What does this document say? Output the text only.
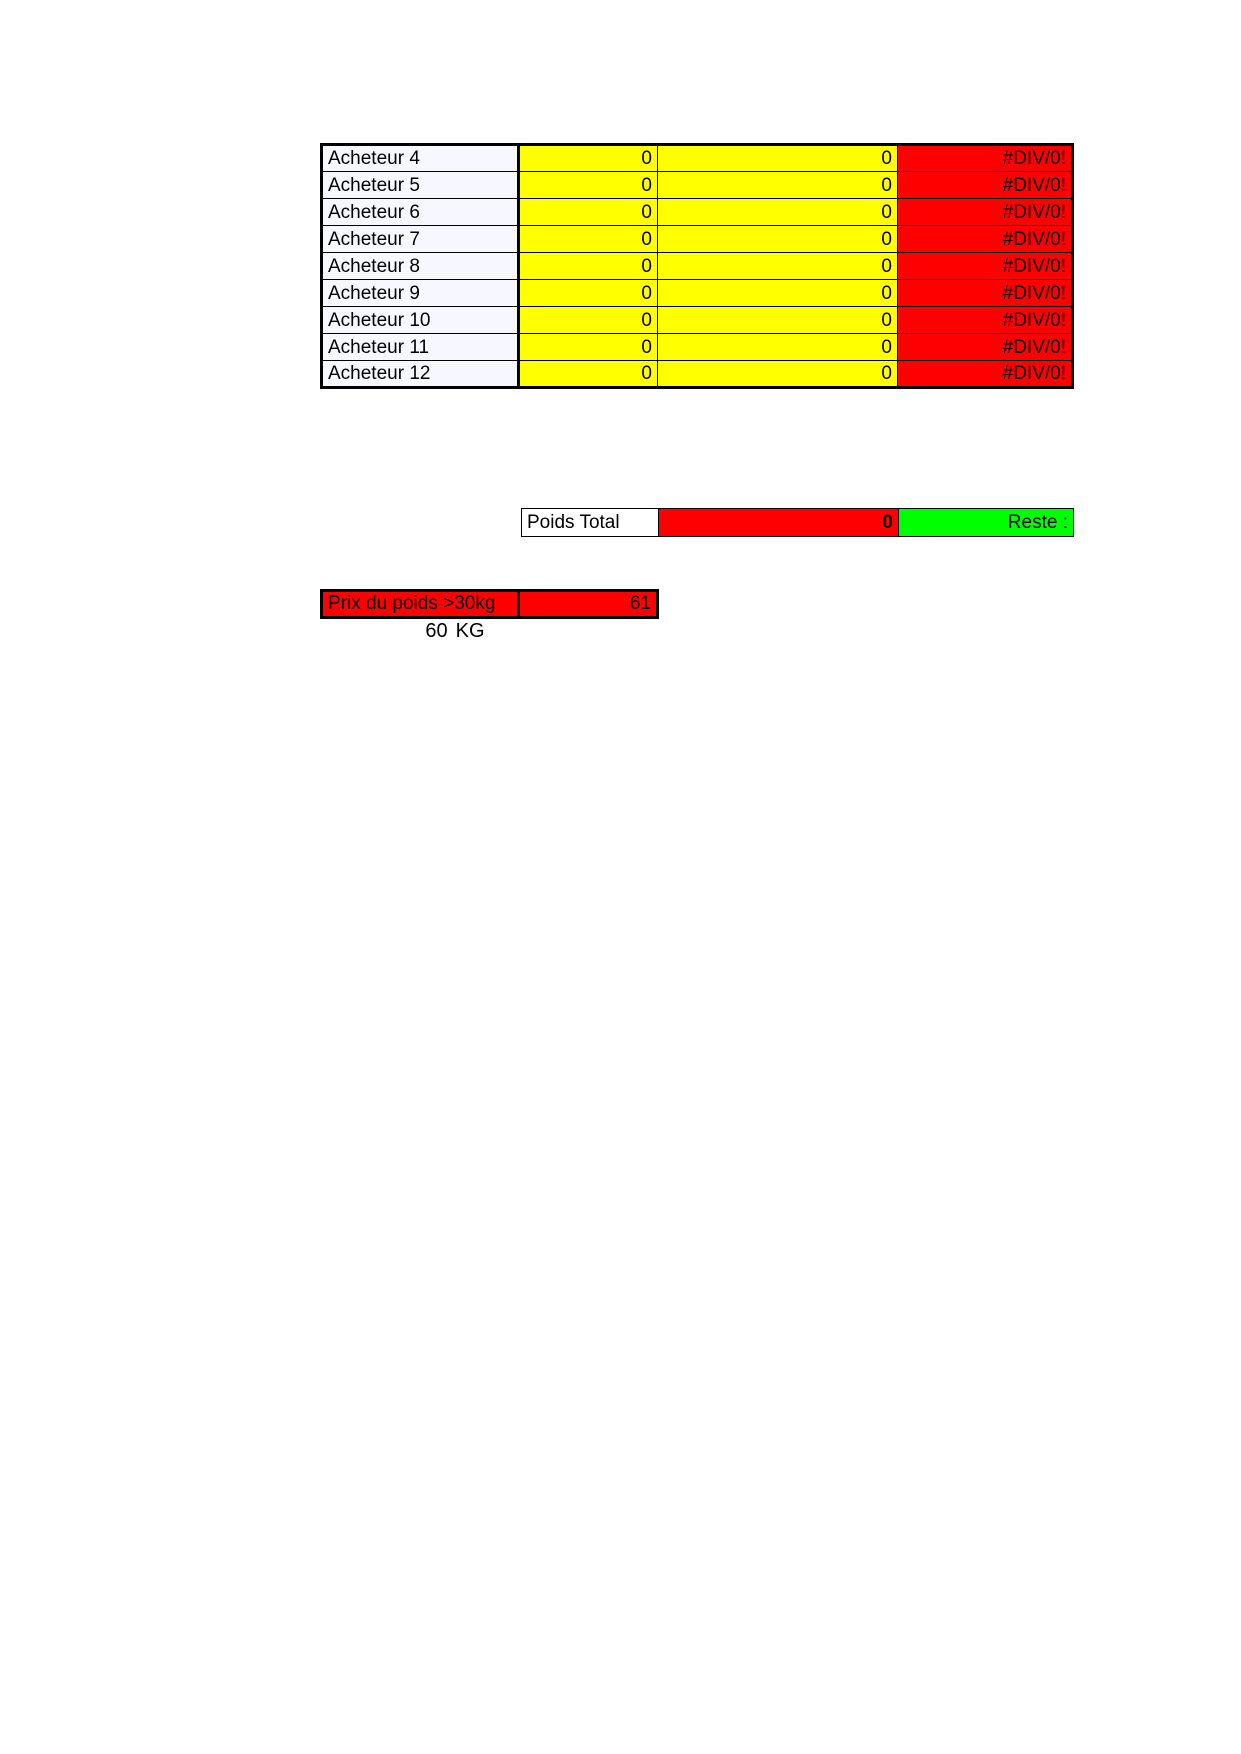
Acheteur 4	0	0	#DIV/0!
Acheteur 5	0	0	#DIV/0!
Acheteur 6	0	0	#DIV/0!
Acheteur 7	0	0	#DIV/0!
Acheteur 8	0	0	#DIV/0!
Acheteur 9	0	0	#DIV/0!
Acheteur 10	0	0	#DIV/0!
Acheteur 11	0	0	#DIV/0!
Acheteur 12	0	0	#DIV/0!
Poids Total	0	Reste :
Prix du poids >30kg	61
60 KG
